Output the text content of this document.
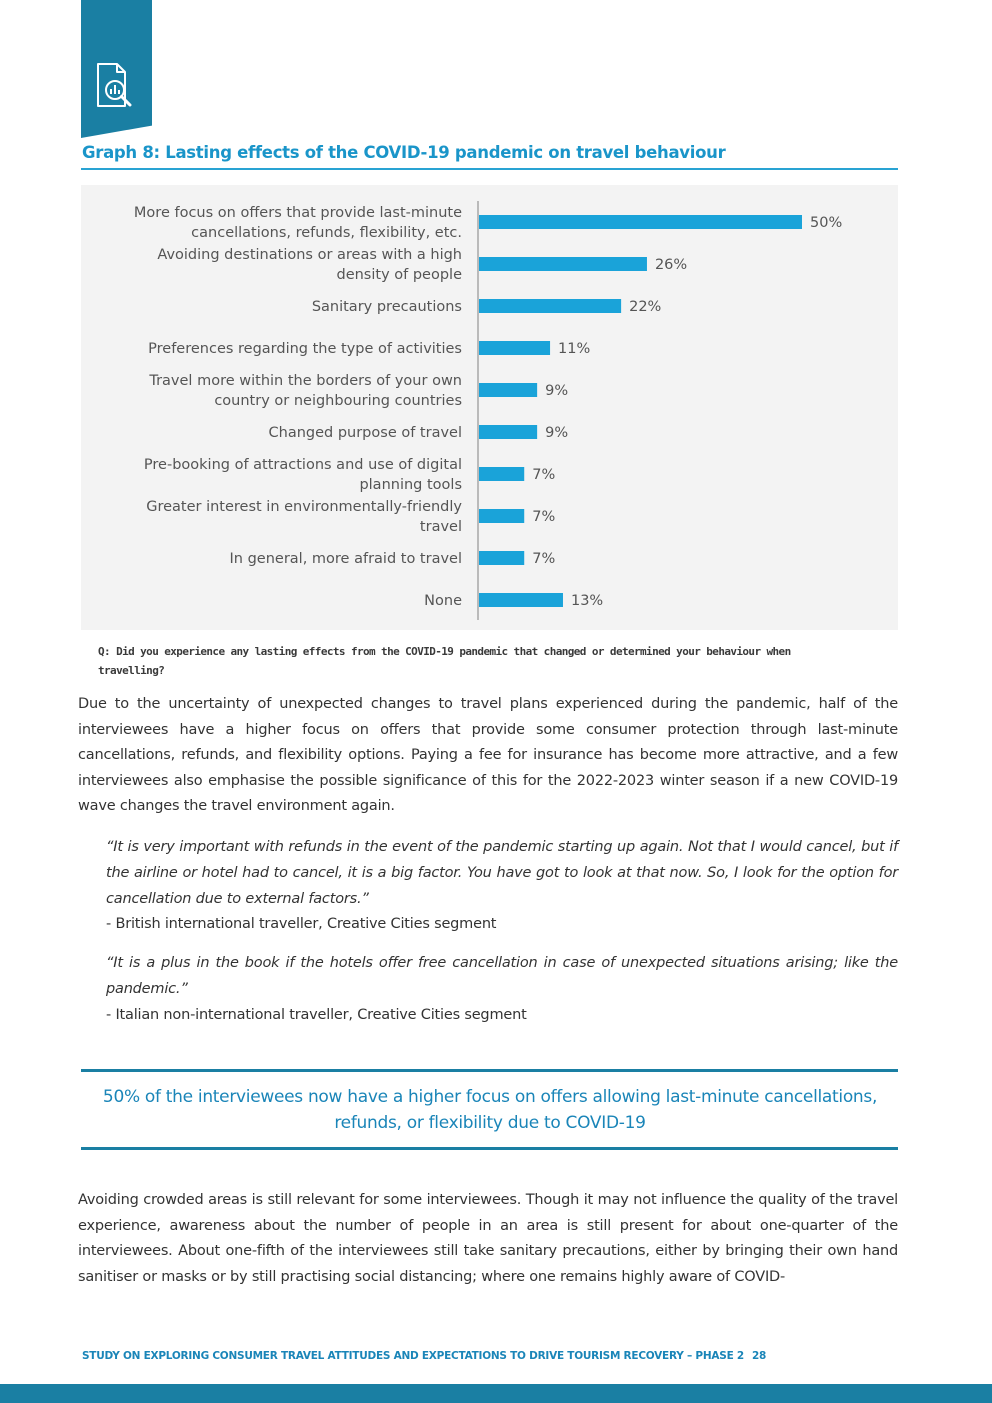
Graph 8: Lasting effects of the COVID-19 pandemic on travel behaviour
More focus on offers that provide last-minute cancellations, refunds, flexibility, etc.
50%
Avoiding destinations or areas with a high density of people
26%
Sanitary precautions	22%
Preferences regarding the type of activities	11%
Travel more within the borders of your own country or neighbouring countries
9%
Changed purpose of travel	9%
Pre-booking of attractions and use of digital planning tools
7%
Greater interest in environmentally-friendly travel
7%
In general, more afraid to travel	7%
None	13%

Q: Did you experience any lasting effects from the COVID-19 pandemic that changed or determined your behaviour when travelling?

Due to the uncertainty of unexpected changes to travel plans experienced during the pandemic, half of the interviewees have a higher focus on offers that provide some consumer protection through last-minute cancellations, refunds, and flexibility options. Paying a fee for insurance has become more attractive, and a few interviewees also emphasise the possible significance of this for the 2022-2023 winter season if a new COVID-19 wave changes the travel environment again.

“It is very important with refunds in the event of the pandemic starting up again. Not that I would cancel, but if the airline or hotel had to cancel, it is a big factor. You have got to look at that now. So, I look for the option for cancellation due to external factors.”

- British international traveller, Creative Cities segment

“It is a plus in the book if the hotels offer free cancellation in case of unexpected situations arising; like the pandemic.”

- Italian non-international traveller, Creative Cities segment

50% of the interviewees now have a higher focus on offers allowing last-minute cancellations, refunds, or flexibility due to COVID-19

Avoiding crowded areas is still relevant for some interviewees. Though it may not influence the quality of the travel experience, awareness about the number of people in an area is still present for about one-quarter of the interviewees. About one-fifth of the interviewees still take sanitary precautions, either by bringing their own hand sanitiser or masks or by still practising social distancing; where one remains highly aware of COVID-

STUDY ON EXPLORING CONSUMER TRAVEL ATTITUDES AND EXPECTATIONS TO DRIVE TOURISM RECOVERY – PHASE 2 28
